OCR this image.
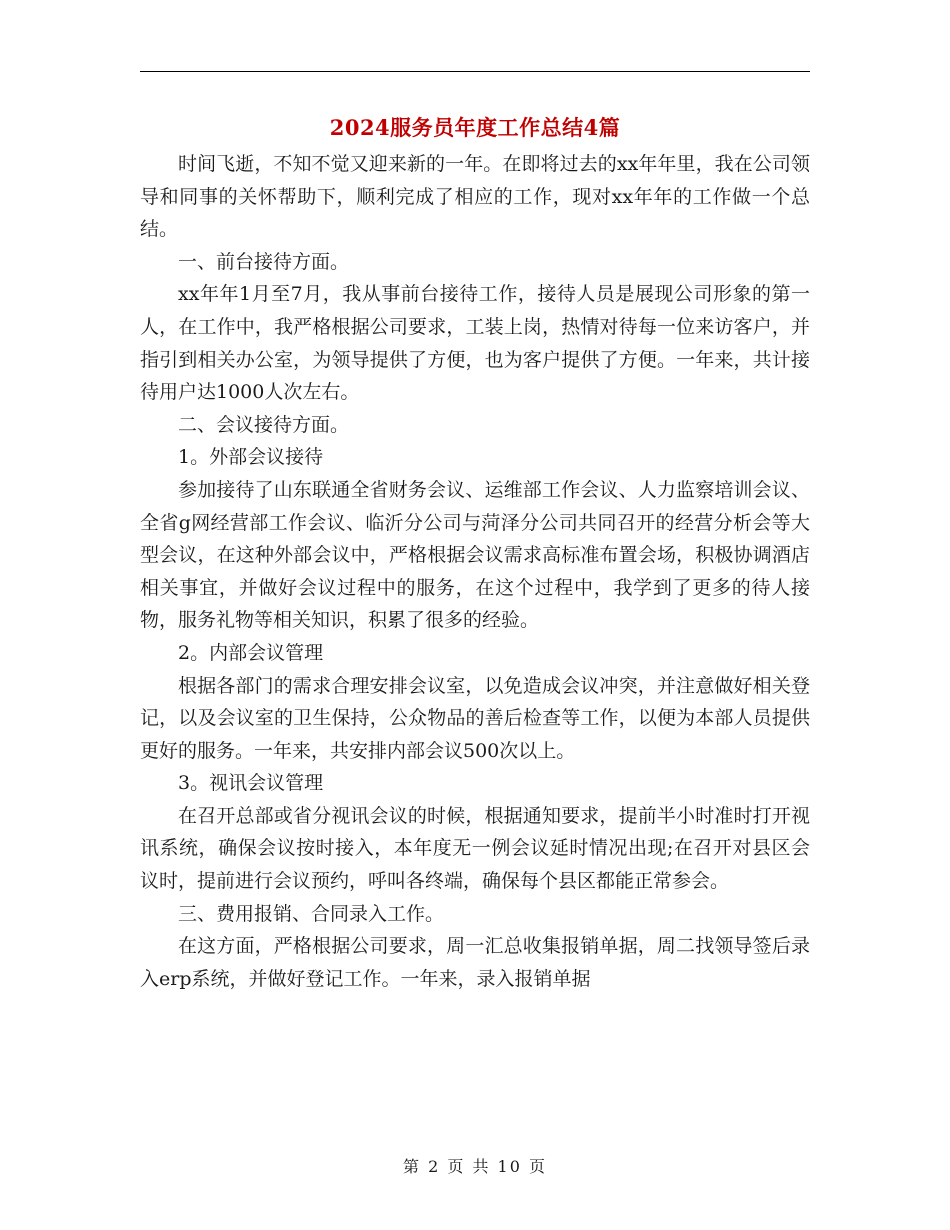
2024服务员年度工作总结4篇

时间飞逝，不知不觉又迎来新的一年。在即将过去的xx年年里，我在公司领导和同事的关怀帮助下，顺利完成了相应的工作，现对xx年年的工作做一个总结。

一、前台接待方面。

xx年年1月至7月，我从事前台接待工作，接待人员是展现公司形象的第一人，在工作中，我严格根据公司要求，工装上岗，热情对待每一位来访客户，并指引到相关办公室，为领导提供了方便，也为客户提供了方便。一年来，共计接待用户达1000人次左右。

二、会议接待方面。

1。外部会议接待

参加接待了山东联通全省财务会议、运维部工作会议、人力监察培训会议、全省g网经营部工作会议、临沂分公司与菏泽分公司共同召开的经营分析会等大型会议，在这种外部会议中，严格根据会议需求高标准布置会场，积极协调酒店相关事宜，并做好会议过程中的服务，在这个过程中，我学到了更多的待人接物，服务礼物等相关知识，积累了很多的经验。

2。内部会议管理

根据各部门的需求合理安排会议室，以免造成会议冲突，并注意做好相关登记，以及会议室的卫生保持，公众物品的善后检查等工作，以便为本部人员提供更好的服务。一年来，共安排内部会议500次以上。

3。视讯会议管理

在召开总部或省分视讯会议的时候，根据通知要求，提前半小时准时打开视讯系统，确保会议按时接入，本年度无一例会议延时情况出现;在召开对县区会议时，提前进行会议预约，呼叫各终端，确保每个县区都能正常参会。

三、费用报销、合同录入工作。

在这方面，严格根据公司要求，周一汇总收集报销单据，周二找领导签后录入erp系统，并做好登记工作。一年来，录入报销单据

第 2 页 共 10 页
